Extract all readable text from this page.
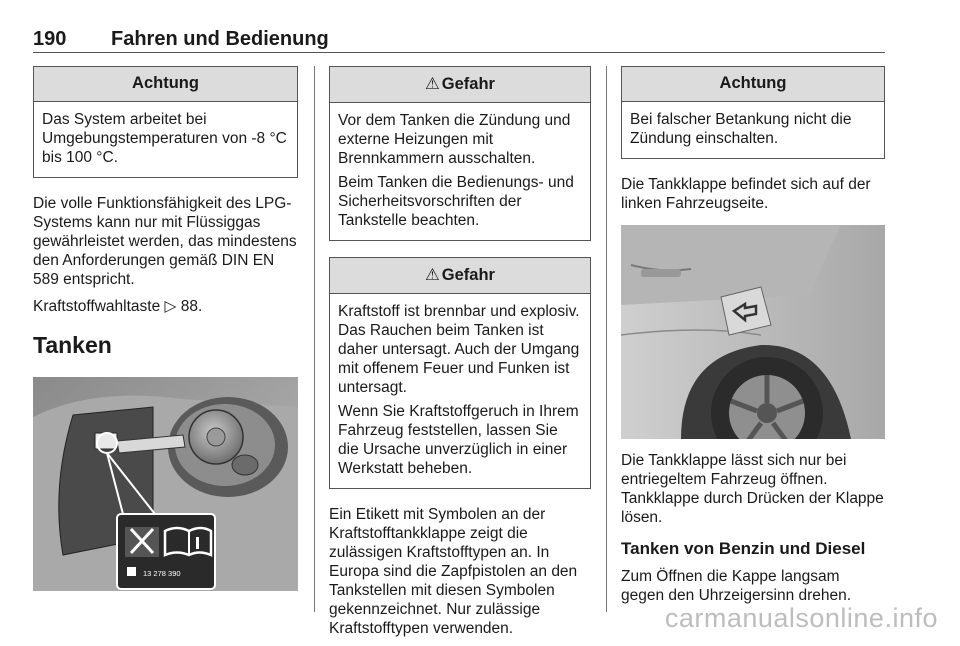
190 Fahren und Bedienung
Achtung

Das System arbeitet bei Umgebungstemperaturen von -8 °C bis 100 °C.

Die volle Funktionsfähigkeit des LPG-Systems kann nur mit Flüssiggas gewährleistet werden, das mindestens den Anforderungen gemäß DIN EN 589 entspricht.

Kraftstoffwahltaste ▷ 88.

Tanken
13 278 390
⚠ Gefahr

Vor dem Tanken die Zündung und externe Heizungen mit Brennkammern ausschalten.

Beim Tanken die Bedienungs- und Sicherheitsvorschriften der Tankstelle beachten.

⚠ Gefahr

Kraftstoff ist brennbar und explosiv. Das Rauchen beim Tanken ist daher untersagt. Auch der Umgang mit offenem Feuer und Funken ist untersagt.

Wenn Sie Kraftstoffgeruch in Ihrem Fahrzeug feststellen, lassen Sie die Ursache unverzüglich in einer Werkstatt beheben.

Ein Etikett mit Symbolen an der Kraftstofftankklappe zeigt die zulässigen Kraftstofftypen an. In Europa sind die Zapfpistolen an den Tankstellen mit diesen Symbolen gekennzeichnet. Nur zulässige Kraftstofftypen verwenden.

Achtung

Bei falscher Betankung nicht die Zündung einschalten.

Die Tankklappe befindet sich auf der linken Fahrzeugseite.

Die Tankklappe lässt sich nur bei entriegeltem Fahrzeug öffnen. Tankklappe durch Drücken der Klappe lösen.

Tanken von Benzin und Diesel

Zum Öffnen die Kappe langsam gegen den Uhrzeigersinn drehen.

carmanualsonline.info
